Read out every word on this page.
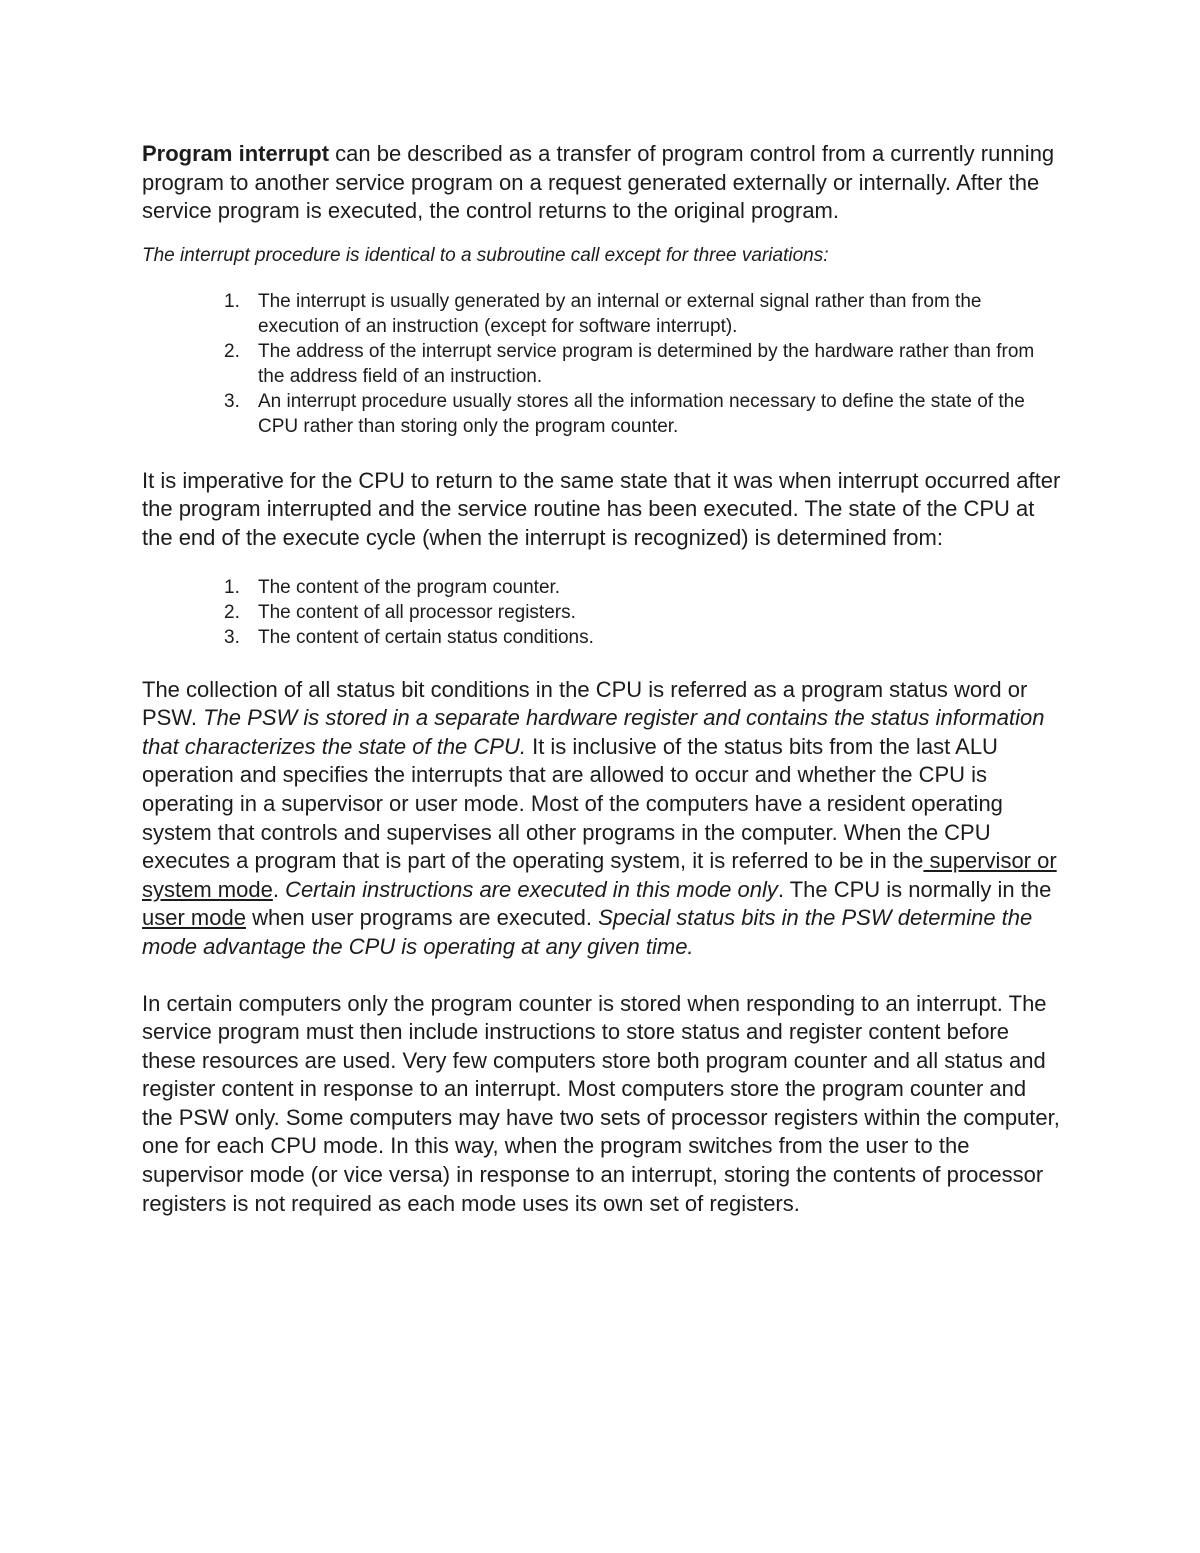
Program interrupt can be described as a transfer of program control from a currently running program to another service program on a request generated externally or internally. After the service program is executed, the control returns to the original program.

The interrupt procedure is identical to a subroutine call except for three variations:

1. The interrupt is usually generated by an internal or external signal rather than from the execution of an instruction (except for software interrupt).
2. The address of the interrupt service program is determined by the hardware rather than from the address field of an instruction.
3. An interrupt procedure usually stores all the information necessary to define the state of the CPU rather than storing only the program counter.

It is imperative for the CPU to return to the same state that it was when interrupt occurred after the program interrupted and the service routine has been executed. The state of the CPU at the end of the execute cycle (when the interrupt is recognized) is determined from:

1. The content of the program counter.
2. The content of all processor registers.
3. The content of certain status conditions.

The collection of all status bit conditions in the CPU is referred as a program status word or PSW. The PSW is stored in a separate hardware register and contains the status information that characterizes the state of the CPU. It is inclusive of the status bits from the last ALU operation and specifies the interrupts that are allowed to occur and whether the CPU is operating in a supervisor or user mode. Most of the computers have a resident operating system that controls and supervises all other programs in the computer. When the CPU executes a program that is part of the operating system, it is referred to be in the supervisor or system mode. Certain instructions are executed in this mode only. The CPU is normally in the user mode when user programs are executed. Special status bits in the PSW determine the mode advantage the CPU is operating at any given time.

In certain computers only the program counter is stored when responding to an interrupt. The service program must then include instructions to store status and register content before these resources are used. Very few computers store both program counter and all status and register content in response to an interrupt. Most computers store the program counter and the PSW only. Some computers may have two sets of processor registers within the computer, one for each CPU mode. In this way, when the program switches from the user to the supervisor mode (or vice versa) in response to an interrupt, storing the contents of processor registers is not required as each mode uses its own set of registers.
